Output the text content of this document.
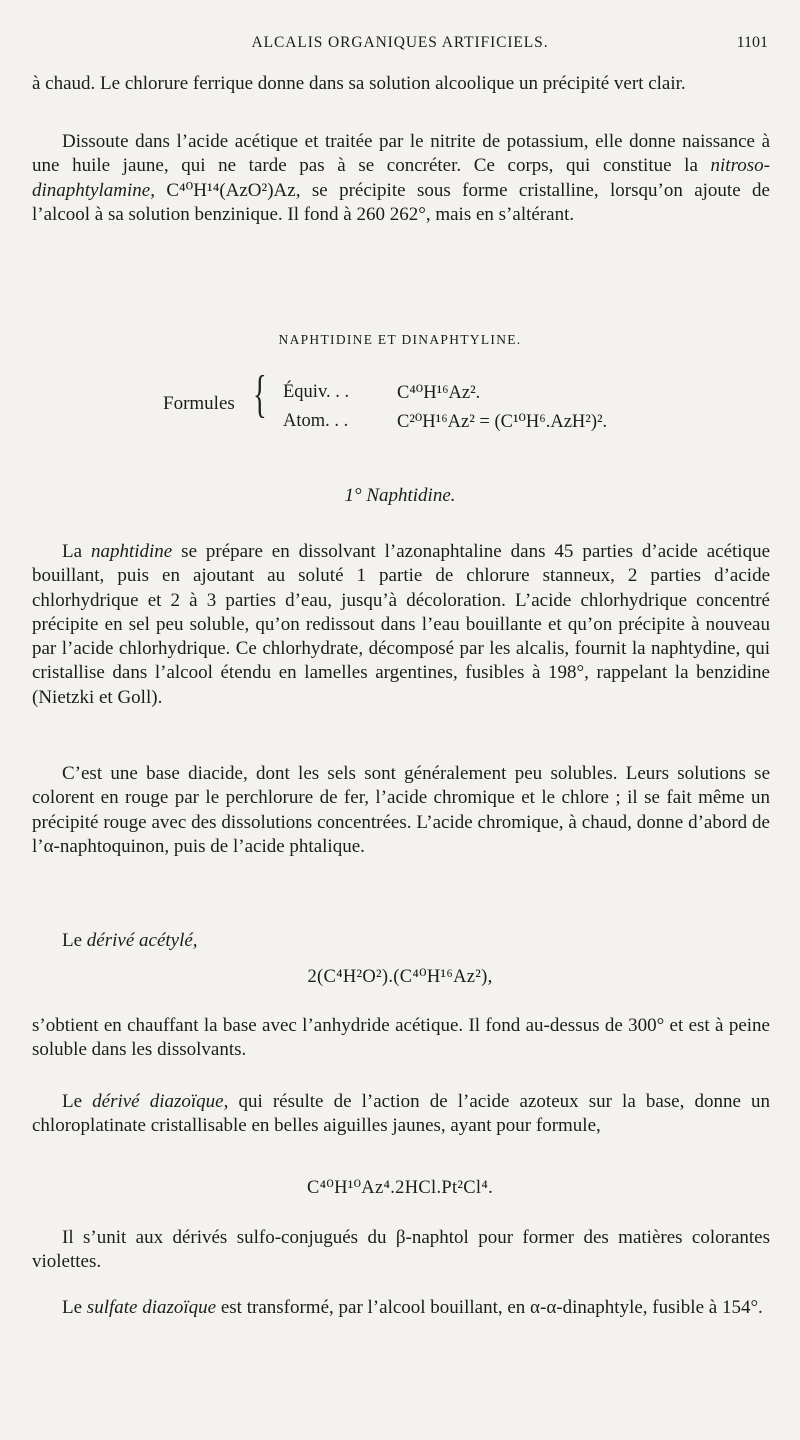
ALCALIS ORGANIQUES ARTIFICIELS.	1101

à chaud. Le chlorure ferrique donne dans sa solution alcoolique un précipité vert clair.

Dissoute dans l’acide acétique et traitée par le nitrite de potassium, elle donne naissance à une huile jaune, qui ne tarde pas à se concréter. Ce corps, qui constitue la nitroso-dinaphtylamine, C⁴⁰H¹⁴(AzO²)Az, se précipite sous forme cristalline, lorsqu’on ajoute de l’alcool à sa solution benzinique. Il fond à 260 262°, mais en s’altérant.

NAPHTIDINE ET DINAPHTYLINE.
Formules { Équiv. . .	C⁴⁰H¹⁶Az².
Atom. . .	C²⁰H¹⁶Az² = (C¹⁰H⁶.AzH²)².
1° Naphtidine.

La naphtidine se prépare en dissolvant l’azonaphtaline dans 45 parties d’acide acétique bouillant, puis en ajoutant au soluté 1 partie de chlorure stanneux, 2 parties d’acide chlorhydrique et 2 à 3 parties d’eau, jusqu’à décoloration. L’acide chlorhydrique concentré précipite en sel peu soluble, qu’on redissout dans l’eau bouillante et qu’on précipite à nouveau par l’acide chlorhydrique. Ce chlorhydrate, décomposé par les alcalis, fournit la naphtydine, qui cristallise dans l’alcool étendu en lamelles argentines, fusibles à 198°, rappelant la benzidine (Nietzki et Goll).

C’est une base diacide, dont les sels sont généralement peu solubles. Leurs solutions se colorent en rouge par le perchlorure de fer, l’acide chromique et le chlore ; il se fait même un précipité rouge avec des dissolutions concentrées. L’acide chromique, à chaud, donne d’abord de l’α-naphtoquinon, puis de l’acide phtalique.

Le dérivé acétylé,

2(C⁴H²O²).(C⁴⁰H¹⁶Az²),

s’obtient en chauffant la base avec l’anhydride acétique. Il fond au-dessus de 300° et est à peine soluble dans les dissolvants.

Le dérivé diazoïque, qui résulte de l’action de l’acide azoteux sur la base, donne un chloroplatinate cristallisable en belles aiguilles jaunes, ayant pour formule,

C⁴⁰H¹⁰Az⁴.2HCl.Pt²Cl⁴.

Il s’unit aux dérivés sulfo-conjugués du β-naphtol pour former des matières colorantes violettes.

Le sulfate diazoïque est transformé, par l’alcool bouillant, en α-α-dinaphtyle, fusible à 154°.
